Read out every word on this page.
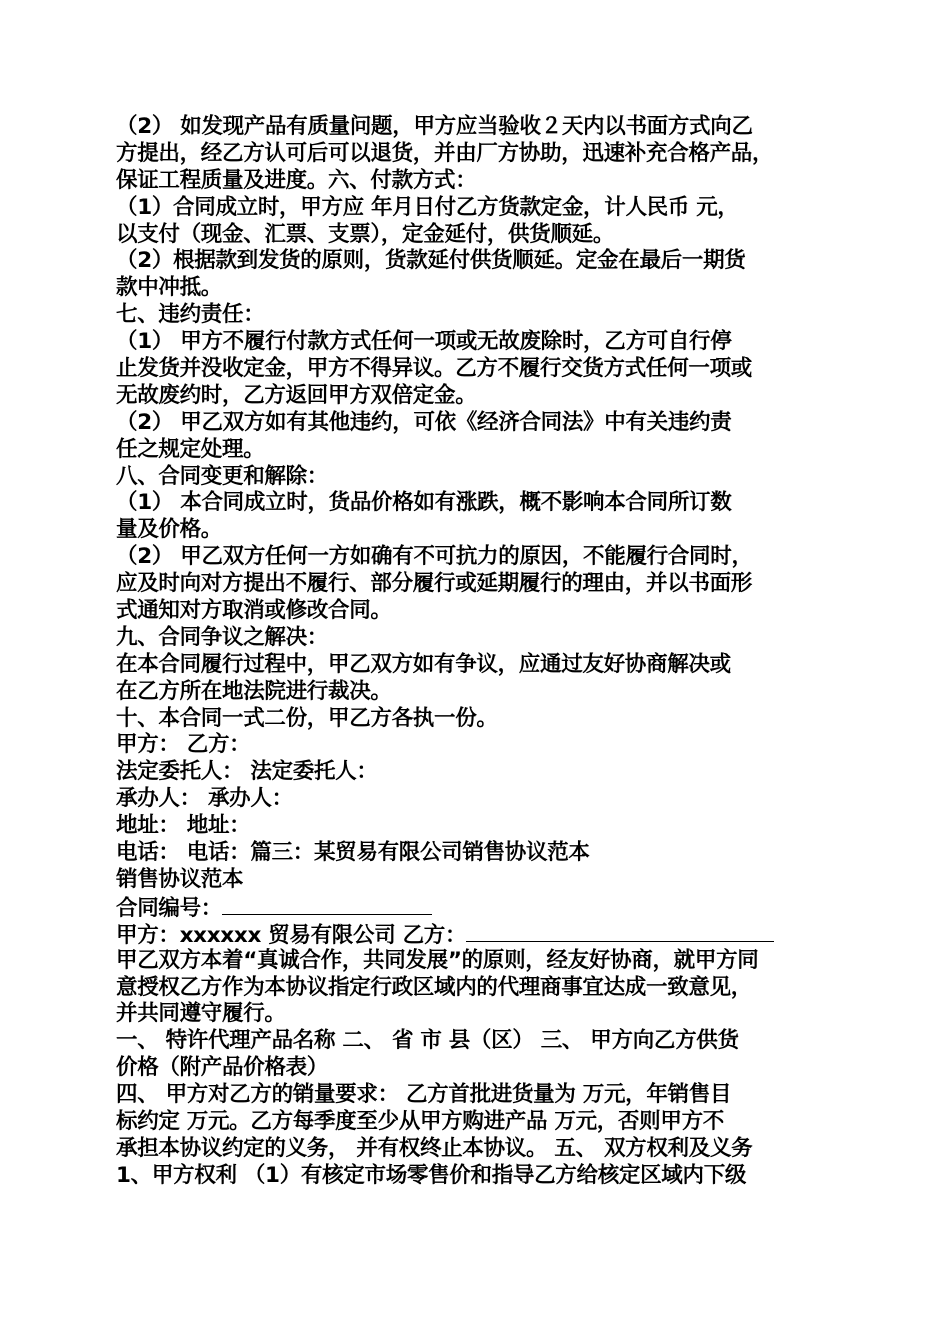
（2） 如发现产品有质量问题，甲方应当验收２天内以书面方式向乙
方提出，经乙方认可后可以退货，并由厂方协助，迅速补充合格产品，
保证工程质量及进度。六、付款方式：
（1）合同成立时，甲方应 年月日付乙方货款定金，计人民币 元，
以支付（现金、汇票、支票），定金延付，供货顺延。
（2）根据款到发货的原则，货款延付供货顺延。定金在最后一期货
款中冲抵。
七、违约责任：
（1） 甲方不履行付款方式任何一项或无故废除时，乙方可自行停
止发货并没收定金，甲方不得异议。乙方不履行交货方式任何一项或
无故废约时，乙方返回甲方双倍定金。
（2） 甲乙双方如有其他违约，可依《经济合同法》中有关违约责
任之规定处理。
八、合同变更和解除：
（1） 本合同成立时，货品价格如有涨跌，概不影响本合同所订数
量及价格。
（2） 甲乙双方任何一方如确有不可抗力的原因，不能履行合同时，
应及时向对方提出不履行、部分履行或延期履行的理由，并以书面形
式通知对方取消或修改合同。
九、合同争议之解决：
在本合同履行过程中，甲乙双方如有争议，应通过友好协商解决或
在乙方所在地法院进行裁决。
十、本合同一式二份，甲乙方各执一份。
甲方： 乙方：
法定委托人： 法定委托人：
承办人： 承办人：
地址： 地址：
电话： 电话：篇三：某贸易有限公司销售协议范本
销售协议范本
合同编号：
甲方：xxxxxx 贸易有限公司 乙方：
甲乙双方本着“真诚合作，共同发展”的原则，经友好协商，就甲方同
意授权乙方作为本协议指定行政区域内的代理商事宜达成一致意见，
并共同遵守履行。
一、 特许代理产品名称 二、 省 市 县（区） 三、 甲方向乙方供货
价格（附产品价格表）
四、 甲方对乙方的销量要求： 乙方首批进货量为 万元，年销售目
标约定 万元。乙方每季度至少从甲方购进产品 万元，否则甲方不
承担本协议约定的义务， 并有权终止本协议。 五、 双方权利及义务
1、甲方权利 （1）有核定市场零售价和指导乙方给核定区域内下级
